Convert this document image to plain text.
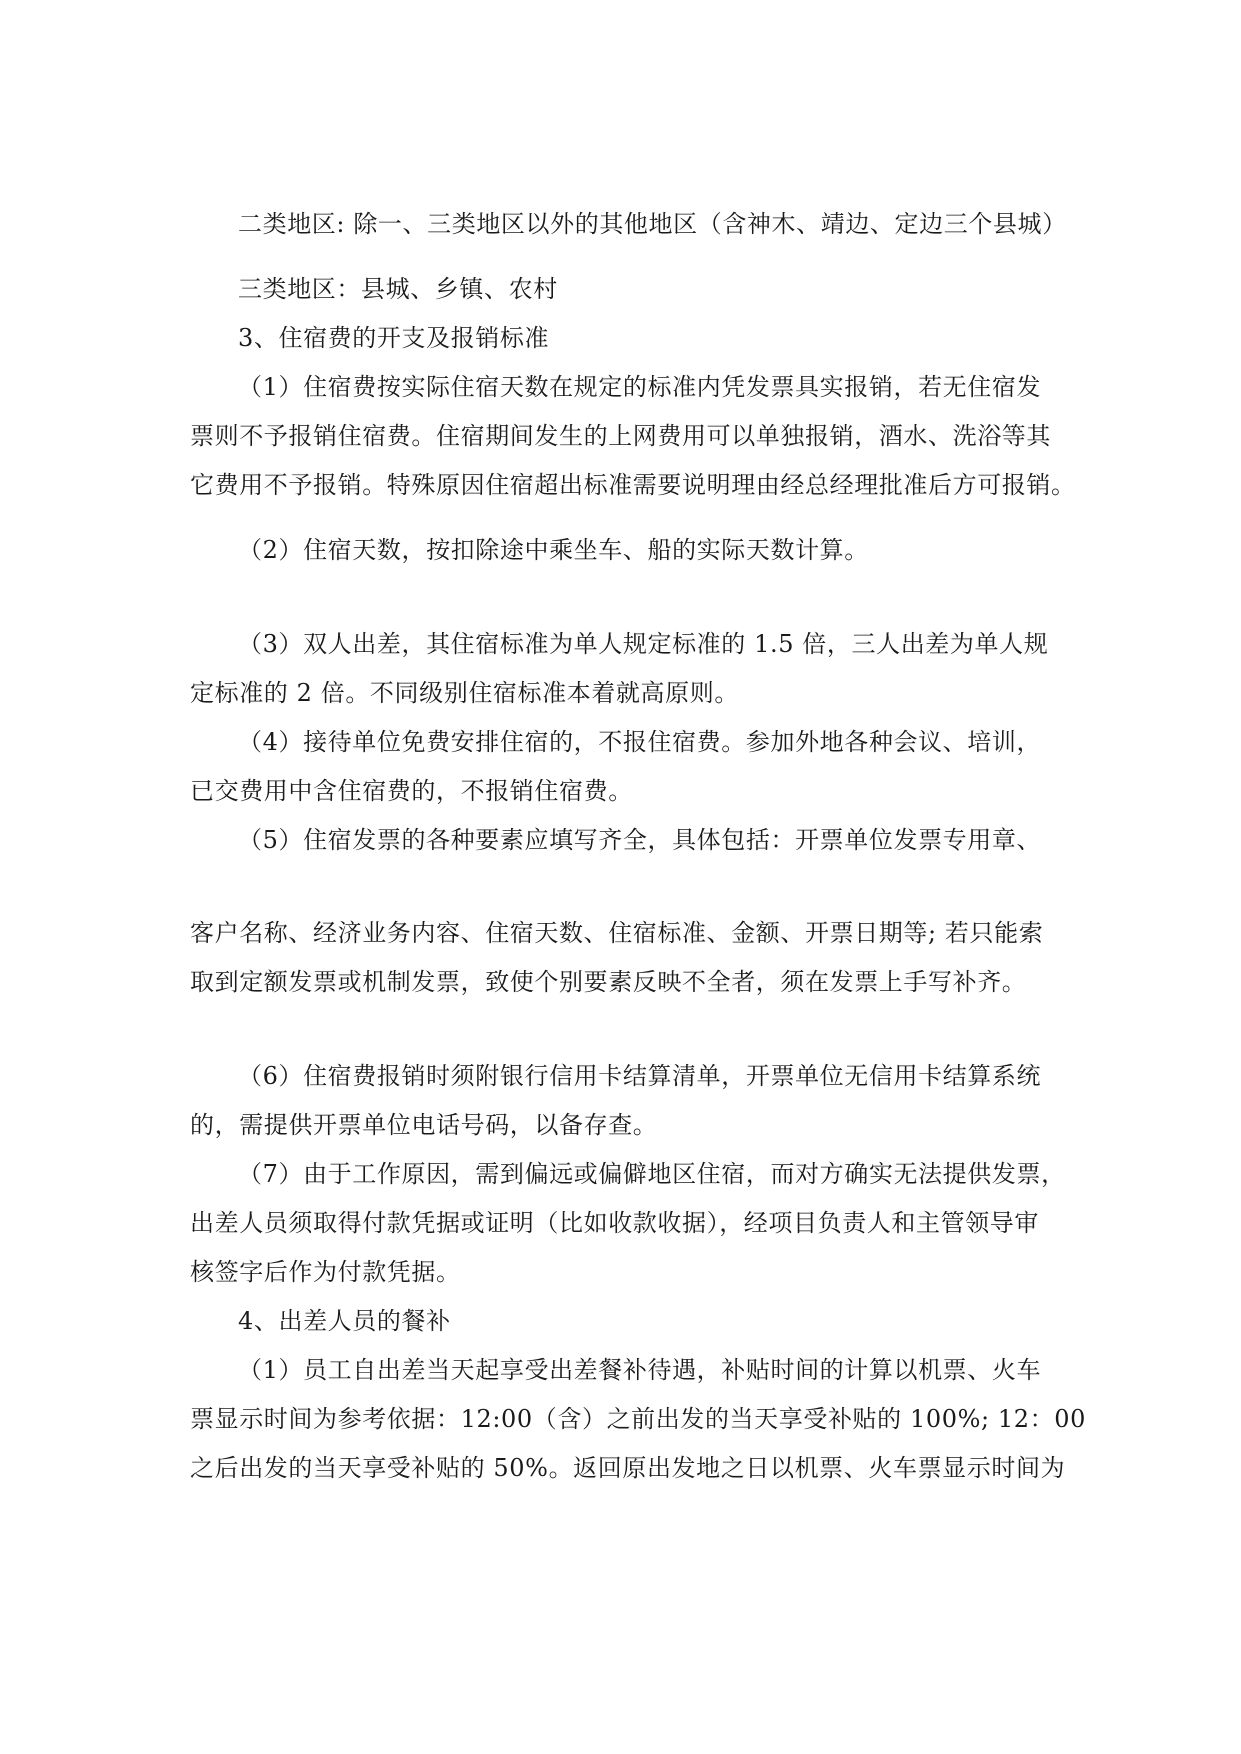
二类地区: 除一、三类地区以外的其他地区（含神木、靖边、定边三个县城）
三类地区：县城、乡镇、农村
3、住宿费的开支及报销标准
（1）住宿费按实际住宿天数在规定的标准内凭发票具实报销，若无住宿发
票则不予报销住宿费。住宿期间发生的上网费用可以单独报销，酒水、洗浴等其
它费用不予报销。特殊原因住宿超出标准需要说明理由经总经理批准后方可报销。
（2）住宿天数，按扣除途中乘坐车、船的实际天数计算。
（3）双人出差，其住宿标准为单人规定标准的 1.5 倍，三人出差为单人规
定标准的 2 倍。不同级别住宿标准本着就高原则。
（4）接待单位免费安排住宿的，不报住宿费。参加外地各种会议、培训，
已交费用中含住宿费的，不报销住宿费。
（5）住宿发票的各种要素应填写齐全，具体包括：开票单位发票专用章、
客户名称、经济业务内容、住宿天数、住宿标准、金额、开票日期等; 若只能索
取到定额发票或机制发票，致使个别要素反映不全者，须在发票上手写补齐。
（6）住宿费报销时须附银行信用卡结算清单，开票单位无信用卡结算系统
的，需提供开票单位电话号码，以备存查。
（7）由于工作原因，需到偏远或偏僻地区住宿，而对方确实无法提供发票，
出差人员须取得付款凭据或证明（比如收款收据），经项目负责人和主管领导审
核签字后作为付款凭据。
4、出差人员的餐补
（1）员工自出差当天起享受出差餐补待遇，补贴时间的计算以机票、火车
票显示时间为参考依据：12:00（含）之前出发的当天享受补贴的 100%; 12：00
之后出发的当天享受补贴的 50%。返回原出发地之日以机票、火车票显示时间为
